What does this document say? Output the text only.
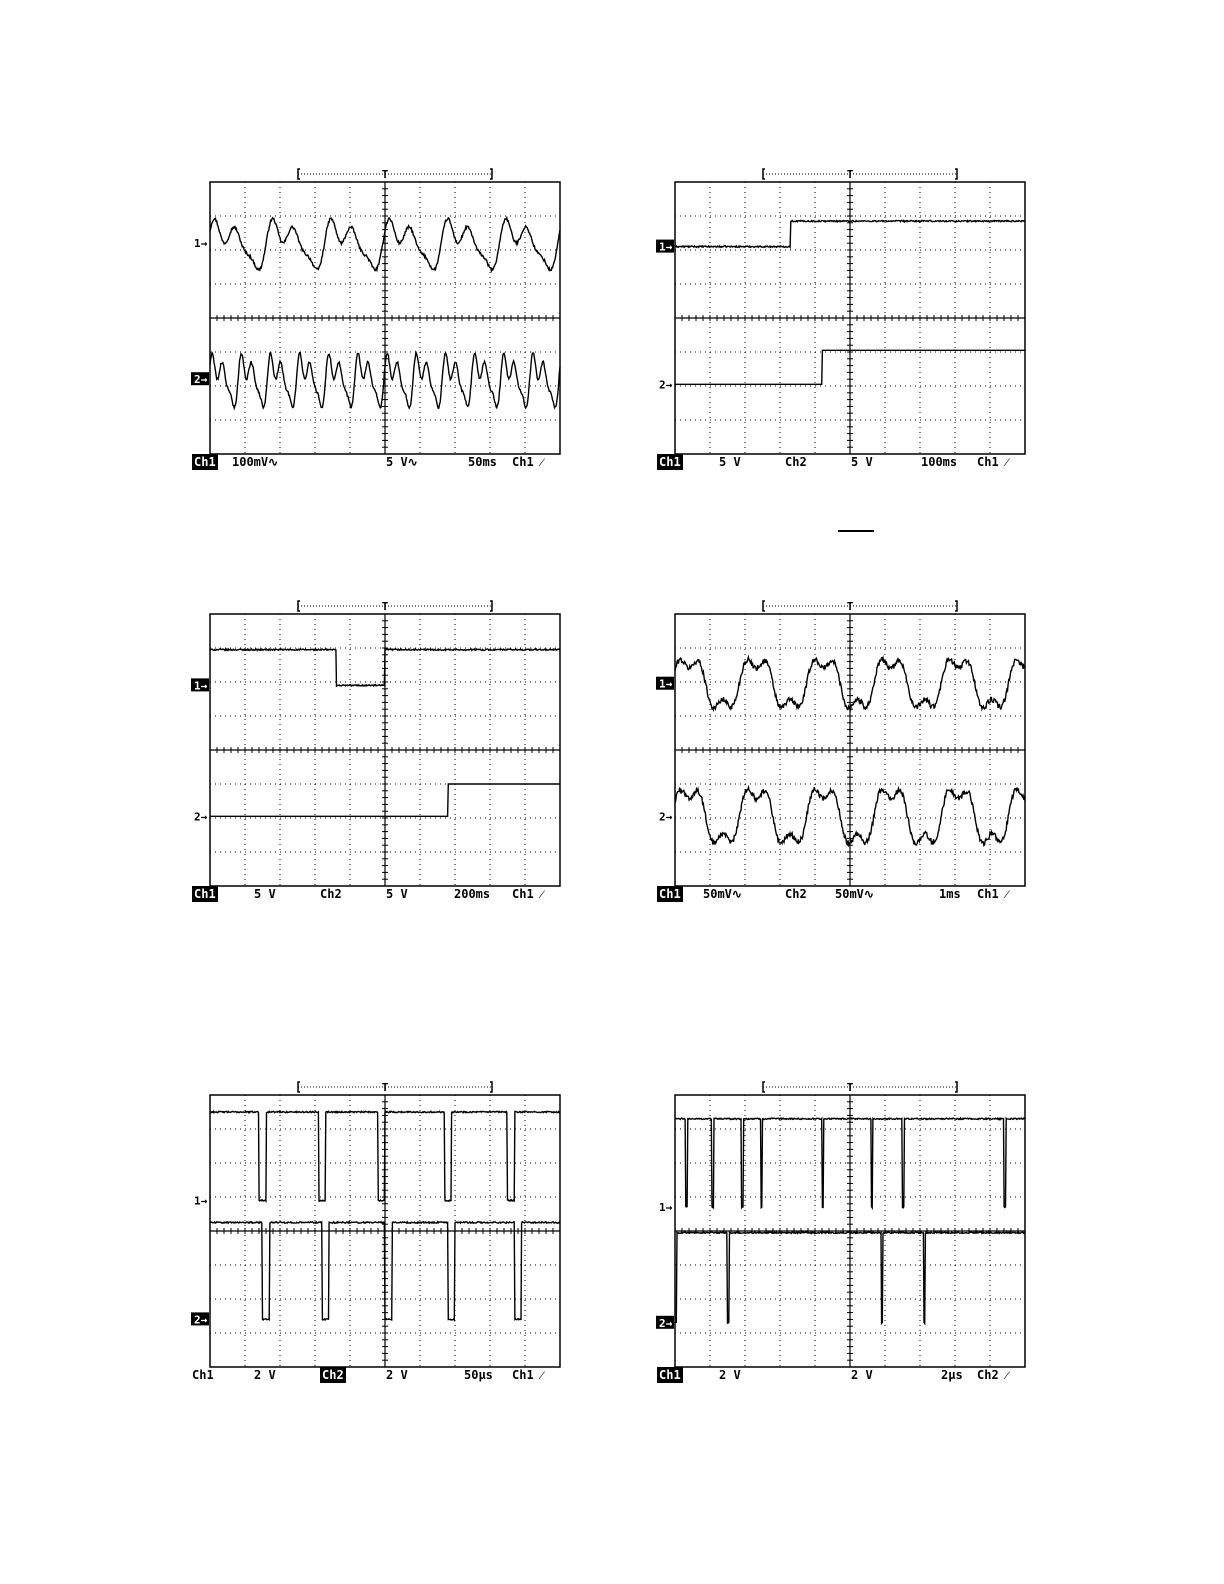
T
1→
2→
Ch1 100mV∿	5 V∿	50ms Ch1 ⁄
T
1→
2→
Ch1	5 V	Ch2	5 V	100ms Ch1 ⁄
T
1→
2→
Ch1	5 V	Ch2	5 V	200ms Ch1 ⁄
T
1→
2→
Ch1 50mV∿	Ch2 50mV∿	1ms Ch1 ⁄
T
1→
2→
Ch1	2 V	Ch2	2 V	50µs Ch1 ⁄
T
1→
2→
Ch1	2 V	2 V	2µs Ch2 ⁄
